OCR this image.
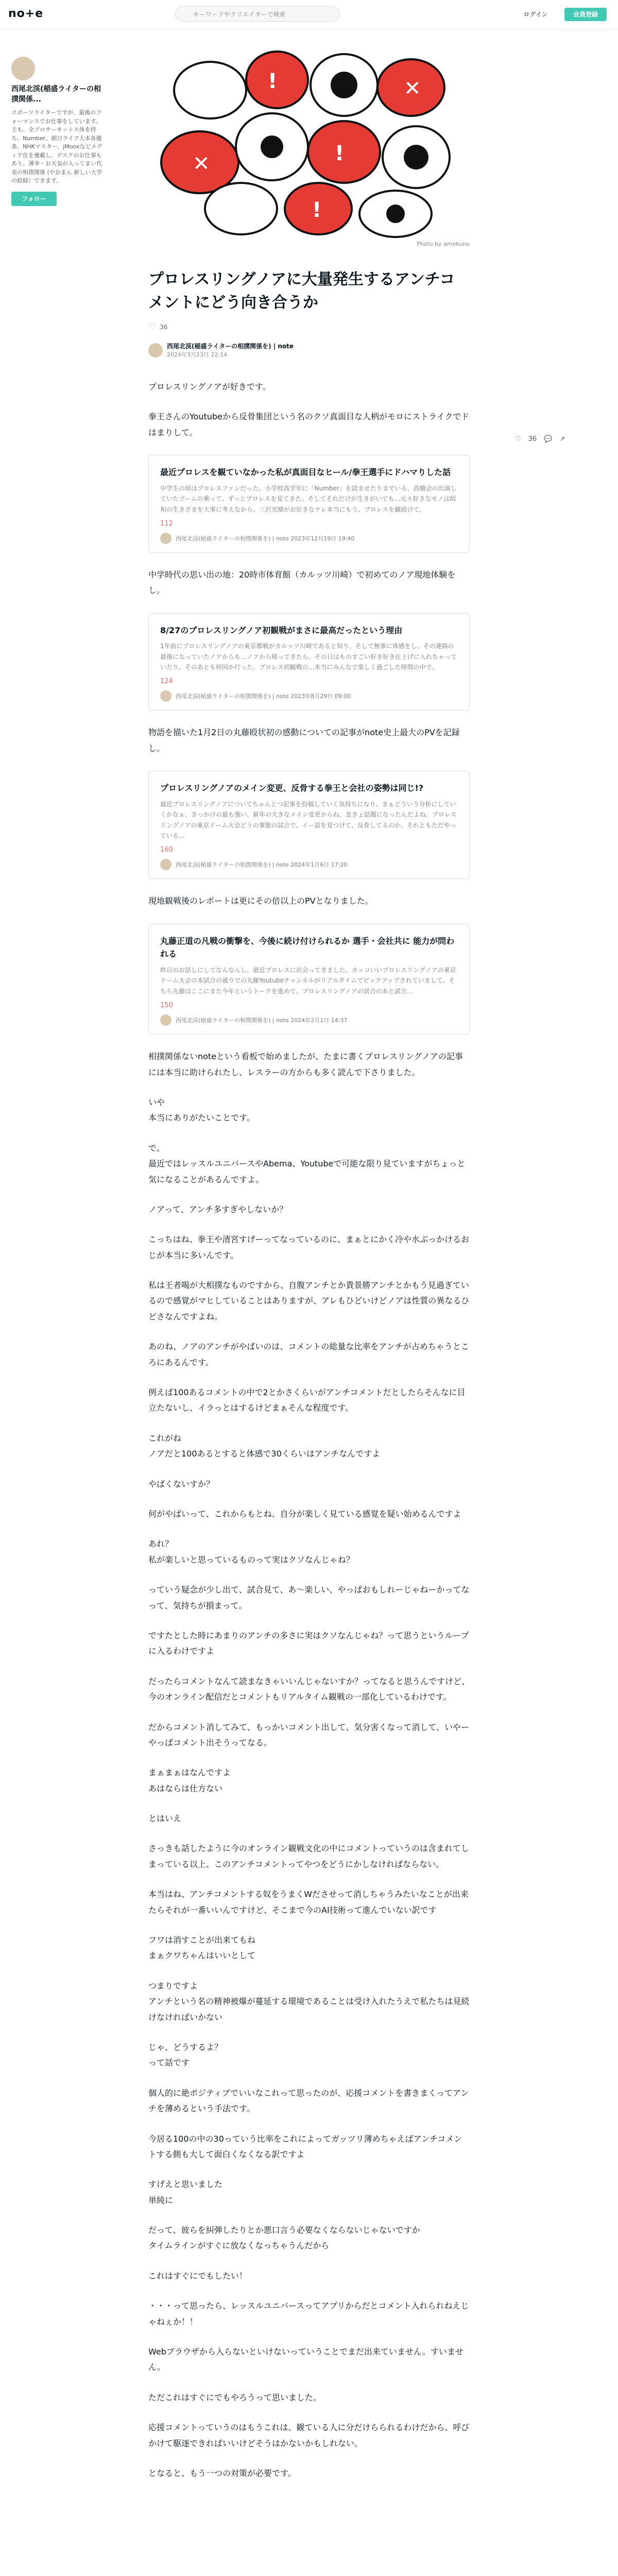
no+e	キーワードやクリエイターで検索	ログイン	会員登録
西尾北渓(稲盛ライターの相撲関係...
スポーツライターですが、最後のフォーマンスでお仕事をしています。主も、全プロサーキットス体を持ち。Number、朝日ライフ大本各優条、NHKマスター、jMooxなどメディア仕を連載し、デスクのお仕事もあり。薄幸・お天気が入ってまい代表の相撲関係 (やおまん 新しい大学の絵録）できます。
フォロー
!	✕
✕	!
!
Photo by amekuno
♡ 36 💬 ↗
プロレスリングノアに大量発生するアンチコメントにどう向き合うか
♡ 36
西尾北渓(稲盛ライターの相撲関係を) | note
2024年3月23日 22:14
プロレスリングノアが好きです。
拳王さんのYoutubeから反骨集団という名のクソ真面目な人柄がモロにストライクでドはまりして。
最近プロレスを観ていなかった私が真面目なヒール/拳王選手にドハマりした話
中学生の頃はプロレスファンだった。小学校高学年に「Number」を読ませたりまでいる、高橋会の出演していたブームの乗って、ずっとプロレスを見てきた。そしてそれだけが生きがいでも…元々好きなモノは昭和の生きざまを大事に考えなから、三沢光晴がお好きなテレ本当にもう、プロレスを観続けて。
112
西尾北渓(稲盛ライターの相撲関係を) | note
2023年12月19日 19:40
中学時代の思い出の地：20時市体育館（カルッツ川崎）で初めてのノア現地体験をし。
8/27のプロレスリングノア初観戦がまさに最高だったという理由
1年前にプロレスリングノアの東京都戦がカルッツ川崎であると知り、そして無事に体感をし、その連絡の最後になっていたノアからも…ノアから帰ってきたら、その日はものすごい好き好き仕上げに入れちゃっていたり、そのあとも何回か行った。プロレス初観戦の…本当にみんなで楽しく過ごした時間の中で。
124
西尾北渓(稲盛ライターの相撲関係を) | note
2023年8月29日 09:00
物語を描いた1月2日の丸藤殴状初の感動についての記事がnote史上最大のPVを記録し。
プロレスリングノアのメイン変更、反骨する拳王と会社の姿勢は同じ!?
最近プロレスリングノアについてちゃんとつ記事を投稿していく気持ちになり、まぁどういう分析にしていくかなぁ、きっかけの最も強い、新年の大きなメイン変更からね、急きょ話題になったんだよね。プロレスリングノアの東京ドーム大会どうの事態の試合で、イー話を見つけて、反骨してるのか、それともただやっている…
160
西尾北渓(稲盛ライターの相撲関係を) | note
2024年1月6日 17:20
現地観戦後のレポートは更にその倍以上のPVとなりました。
丸藤正道の凡戦の衝撃を、今後に続け付けられるか 選手・会社共に 能力が問われる
昨日のお話しにしてなんなんし、最近プロレスに出会ってきました。カッコいいプロレスリングノアの東京ドーム大会の本試合の通りでの丸藤Youtubeチャンネルがリアルタイムでピックアップされていまして、そちら丸藤はここにまた今年というトークを進めて、プロレスリングノアの試合のあと試合…
150
西尾北渓(稲盛ライターの相撲関係を) | note
2024年2月1日 14:37
相撲関係ないnoteという看板で始めましたが、たまに書くプロレスリングノアの記事には本当に助けられたし、レスラーの方からも多く読んで下さりました。
いや
本当にありがたいことです。
で。
最近ではレッスルユニバースやAbema、Youtubeで可能な限り見ていますがちょっと気になることがあるんですよ。
ノアって、アンチ多すぎやしないか？
こっちはね、拳王や清宮すげーってなっているのに、まぁとにかく冷や水ぶっかけるおじが本当に多いんです。
私は王者喝が大相撲なものですから、自腹アンチとか貴景勝アンチとかもう見過ぎているので感覚がマヒしていることはありますが、アレもひどいけどノアは性質の異なるひどさなんですよね。
あのね、ノアのアンチがやばいのは、コメントの総量な比率をアンチが占めちゃうところにあるんです。
例えば100あるコメントの中で2とかさくらいがアンチコメントだとしたらそんなに目立たないし、イラっとはするけどまぁそんな程度です。
これがね
ノアだと100あるとすると体感で30くらいはアンチなんですよ
やばくないすか？
何がやばいって、これからもとね、自分が楽しく見ている感覚を疑い始めるんですよ
あれ？
私が楽しいと思っているものって実はクソなんじゃね？
っていう疑念が少し出て、試合見て、あ〜楽しい、やっぱおもしれーじゃねーかってなって、気持ちが損まって。
ですたとした時にあまりのアンチの多さに実はクソなんじゃね？って思うというループに入るわけですよ
だったらコメントなんて読まなきゃいいんじゃないすか？ってなると思うんですけど、今のオンライン配信だとコメントもリアルタイム観戦の一部化しているわけです。
だからコメント消してみて、もっかいコメント出して、気分害くなって消して、いやーやっぱコメント出そうってなる。
まぁまぁはなんですよ
あはならは仕方ない
とはいえ
さっきも話したように今のオンライン観戦文化の中にコメントっていうのは含まれてしまっている以上、このアンチコメントってやつをどうにかしなければならない。
本当はね、アンチコメントする奴をうまくWださせって消しちゃうみたいなことが出来たらそれが一番いいんですけど、そこまで今のAI技術って進んでいない訳です
フワは消すことが出来てもね
まぁクワちゃんはいいとして
つまりですよ
アンチという名の精神被爆が蔓延する環境であることは受け入れたうえで私たちは見続けなければいかない
じゃ、どうするよ？
って話です
個人的に絶ポジティブでいいなこれって思ったのが、応援コメントを書きまくってアンチを薄めるという手法です。
今居る100の中の30っていう比率をこれによってガッツリ薄めちゃえばアンチコメントする側も大して面白くなくなる訳ですよ
すげえと思いました
単純に
だって、彼らを糾弾したりとか悪口言う必要なくならないじゃないですか
タイムラインがすぐに放なくなっちゃうんだから
これはすぐにでもしたい！
・・・って思ったら、レッスルユニバースってアプリからだとコメント入れられねえじゃねぇか！！
Webブラウザから入らないといけないっていうことでまだ出来ていません。すいません。
ただこれはすぐにでもやろうって思いました。
応援コメントっていうのはもうこれは、観ている人に分だけらられるわけだから、呼びかけて駆逐できればいいけどそうはかないかもしれない。
となると、もう一つの対策が必要です。
